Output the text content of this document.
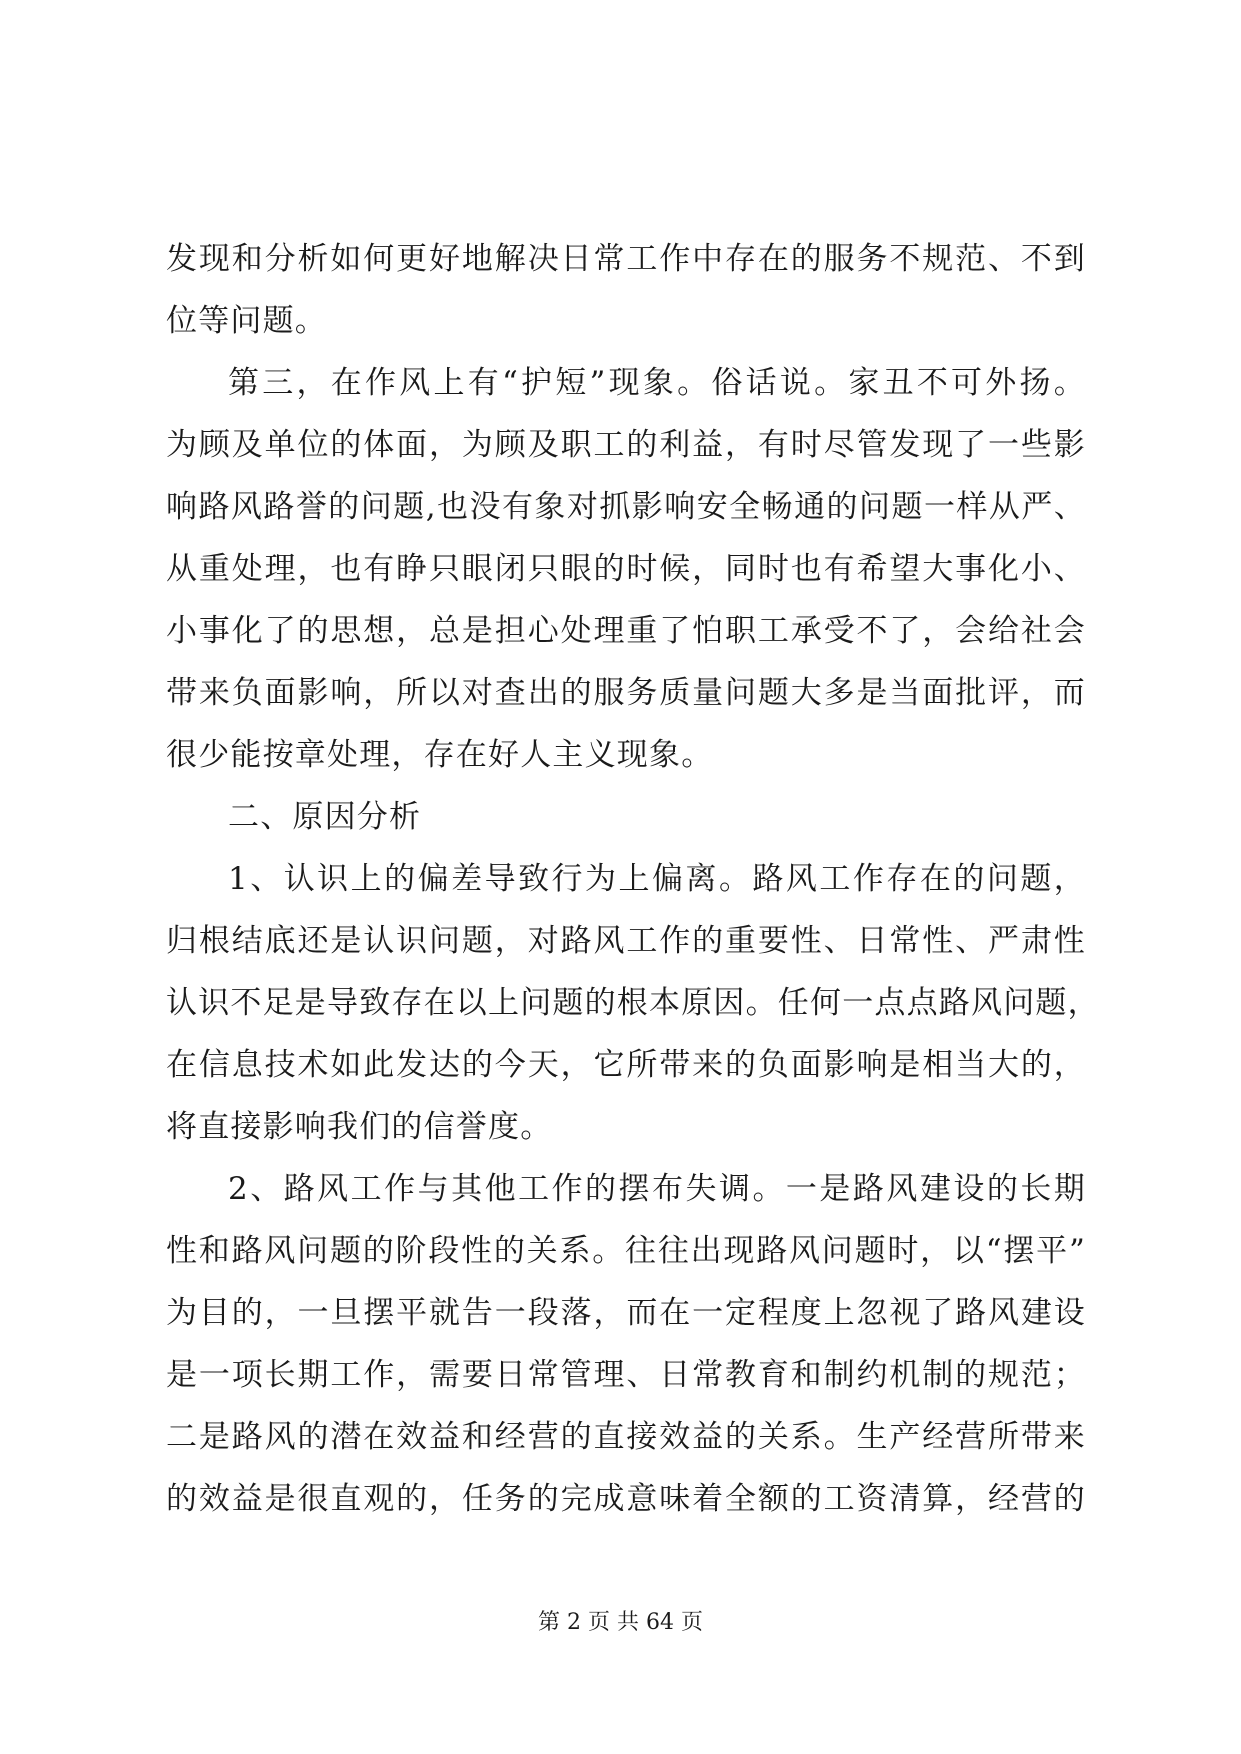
发现和分析如何更好地解决日常工作中存在的服务不规范、不到
位等问题。
第三，在作风上有“护短”现象。俗话说。家丑不可外扬。
为顾及单位的体面，为顾及职工的利益，有时尽管发现了一些影
响路风路誉的问题,也没有象对抓影响安全畅通的问题一样从严、
从重处理，也有睁只眼闭只眼的时候，同时也有希望大事化小、
小事化了的思想，总是担心处理重了怕职工承受不了，会给社会
带来负面影响，所以对查出的服务质量问题大多是当面批评，而
很少能按章处理，存在好人主义现象。
二、原因分析
1、认识上的偏差导致行为上偏离。路风工作存在的问题，
归根结底还是认识问题，对路风工作的重要性、日常性、严肃性
认识不足是导致存在以上问题的根本原因。任何一点点路风问题，
在信息技术如此发达的今天，它所带来的负面影响是相当大的，
将直接影响我们的信誉度。
2、路风工作与其他工作的摆布失调。一是路风建设的长期
性和路风问题的阶段性的关系。往往出现路风问题时，以“摆平”
为目的，一旦摆平就告一段落，而在一定程度上忽视了路风建设
是一项长期工作，需要日常管理、日常教育和制约机制的规范；
二是路风的潜在效益和经营的直接效益的关系。生产经营所带来
的效益是很直观的，任务的完成意味着全额的工资清算，经营的
第 2 页 共 64 页
